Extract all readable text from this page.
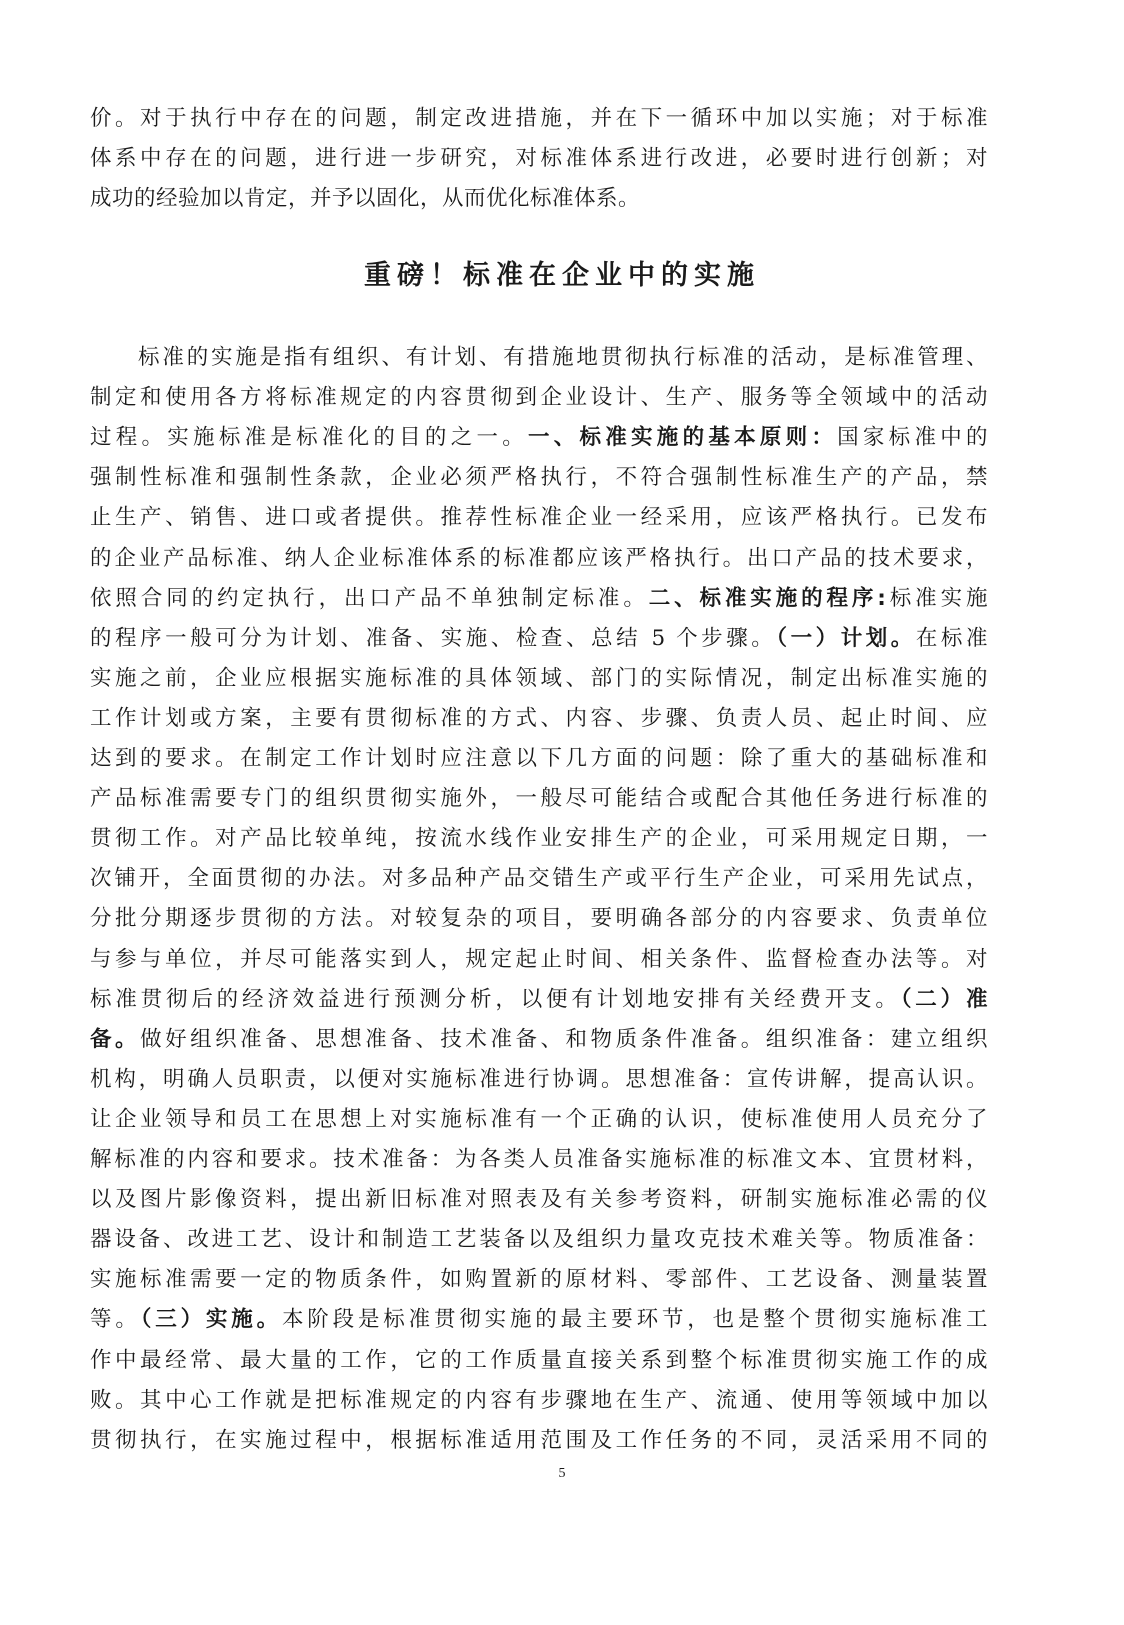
价。对于执行中存在的问题，制定改进措施，并在下一循环中加以实施；对于标准
体系中存在的问题，进行进一步研究，对标准体系进行改进，必要时进行创新；对
成功的经验加以肯定，并予以固化，从而优化标准体系。
重磅！标准在企业中的实施
标准的实施是指有组织、有计划、有措施地贯彻执行标准的活动，是标准管理、
制定和使用各方将标准规定的内容贯彻到企业设计、生产、服务等全领域中的活动
过程。实施标准是标准化的目的之一。一、标准实施的基本原则：国家标准中的
强制性标准和强制性条款，企业必须严格执行，不符合强制性标准生产的产品，禁
止生产、销售、进口或者提供。推荐性标准企业一经采用，应该严格执行。已发布
的企业产品标准、纳人企业标准体系的标准都应该严格执行。出口产品的技术要求，
依照合同的约定执行，出口产品不单独制定标准。二、标准实施的程序:标准实施
的程序一般可分为计划、准备、实施、检查、总结 5 个步骤。（一）计划。在标准
实施之前，企业应根据实施标准的具体领域、部门的实际情况，制定出标准实施的
工作计划或方案，主要有贯彻标准的方式、内容、步骤、负责人员、起止时间、应
达到的要求。在制定工作计划时应注意以下几方面的问题：除了重大的基础标准和
产品标准需要专门的组织贯彻实施外，一般尽可能结合或配合其他任务进行标准的
贯彻工作。对产品比较单纯，按流水线作业安排生产的企业，可采用规定日期，一
次铺开，全面贯彻的办法。对多品种产品交错生产或平行生产企业，可采用先试点，
分批分期逐步贯彻的方法。对较复杂的项目，要明确各部分的内容要求、负责单位
与参与单位，并尽可能落实到人，规定起止时间、相关条件、监督检查办法等。对
标准贯彻后的经济效益进行预测分析，以便有计划地安排有关经费开支。（二）准
备。做好组织准备、思想准备、技术准备、和物质条件准备。组织准备：建立组织
机构，明确人员职责，以便对实施标准进行协调。思想准备：宣传讲解，提高认识。
让企业领导和员工在思想上对实施标准有一个正确的认识，使标准使用人员充分了
解标准的内容和要求。技术准备：为各类人员准备实施标准的标准文本、宜贯材料，
以及图片影像资料，提出新旧标准对照表及有关参考资料，研制实施标准必需的仪
器设备、改进工艺、设计和制造工艺装备以及组织力量攻克技术难关等。物质准备：
实施标准需要一定的物质条件，如购置新的原材料、零部件、工艺设备、测量装置
等。（三）实施。本阶段是标准贯彻实施的最主要环节，也是整个贯彻实施标准工
作中最经常、最大量的工作，它的工作质量直接关系到整个标准贯彻实施工作的成
败。其中心工作就是把标准规定的内容有步骤地在生产、流通、使用等领域中加以
贯彻执行，在实施过程中，根据标准适用范围及工作任务的不同，灵活采用不同的
5
